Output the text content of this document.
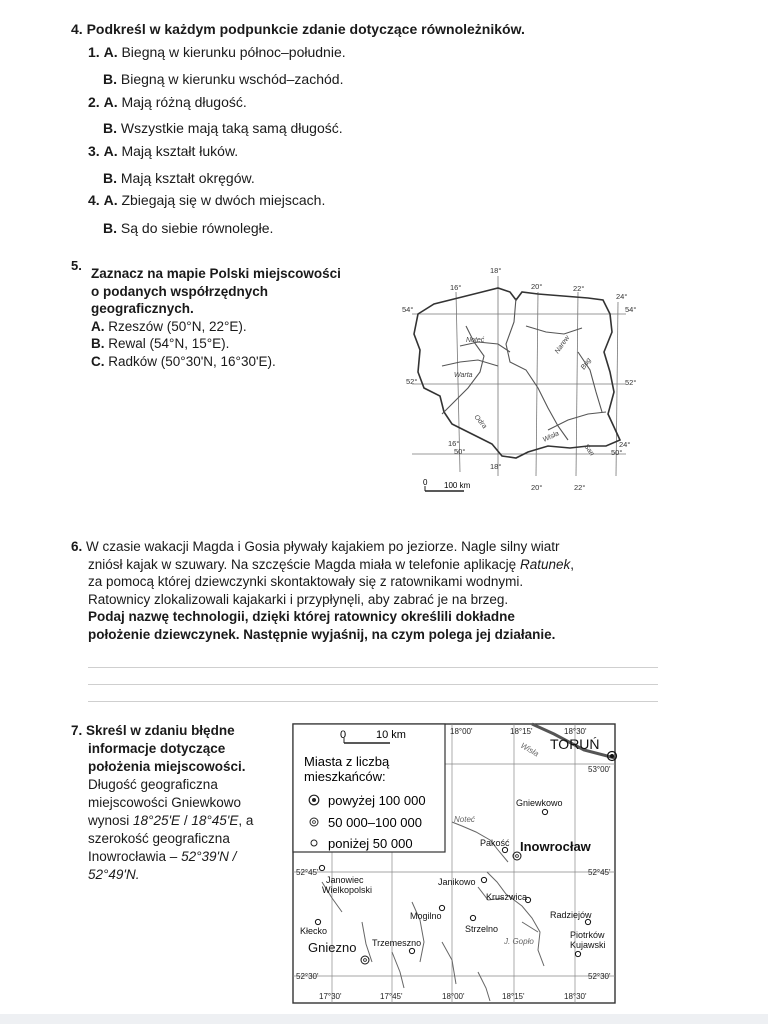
4. Podkreśl w każdym podpunkcie zdanie dotyczące równoleżników.
1. A. Biegną w kierunku północ–południe.
B. Biegną w kierunku wschód–zachód.
2. A. Mają różną długość.
B. Wszystkie mają taką samą długość.
3. A. Mają kształt łuków.
B. Mają kształt okręgów.
4. A. Zbiegają się w dwóch miejscach.
B. Są do siebie równoległe.
5.
Zaznacz na mapie Polski miejscowości
o podanych współrzędnych
geograficznych.
A. Rzeszów (50°N, 22°E).
B. Rewal (54°N, 15°E).
C. Radków (50°30'N, 16°30'E).
Noteć
Warta
Odra
Wisła
Narew
Bug
San
18°
16°	20°	22°
24°
54°
52°
50°
54°
52°
24°
50°
16°
18°
20°	22°
0 100 km
6. W czasie wakacji Magda i Gosia pływały kajakiem po jeziorze. Nagle silny wiatr
zniósł kajak w szuwary. Na szczęście Magda miała w telefonie aplikację Ratunek,
za pomocą której dziewczynki skontaktowały się z ratownikami wodnymi.
Ratownicy zlokalizowali kajakarki i przypłynęli, aby zabrać je na brzeg.
Podaj nazwę technologii, dzięki której ratownicy określili dokładne
położenie dziewczynek. Następnie wyjaśnij, na czym polega jej działanie.
7. Skreśl w zdaniu błędne
informacje dotyczące
położenia miejscowości.
Długość geograficzna
miejscowości Gniewkowo
wynosi 18°25'E / 18°45'E, a
szerokość geograficzna
Inowrocławia – 52°39'N /
52°49'N.
0	10 km
Miasta z liczbą
mieszkańców:
powyżej 100 000
50 000–100 000
poniżej 50 000
18°00'	18°15'	18°30'
53°00'
52°45'
52°30'
52°45'
52°30'
17°30'	17°45'	18°00'	18°15'	18°30'
Wisła
Noteć
J. Gopło
TORUŃ
Gniewkowo
Pakość Inowrocław
Janikowo
Kruszwica
Janowiec
Wielkopolski
Mogilno
Strzelno
Radziejów
Piotrków
Kujawski
Kłecko
Trzemeszno
Gniezno
